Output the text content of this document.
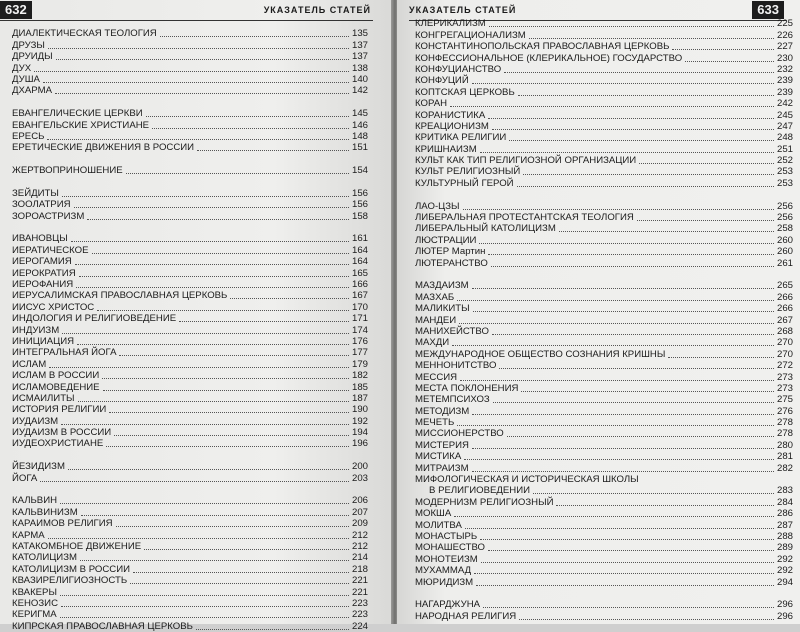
632	УКАЗАТЕЛЬ СТАТЕЙ
ДИАЛЕКТИЧЕСКАЯ ТЕОЛОГИЯ	135
ДРУЗЫ	137
ДРУИДЫ	137
ДУХ	138
ДУША	140
ДХАРМА	142
ЕВАНГЕЛИЧЕСКИЕ ЦЕРКВИ	145
ЕВАНГЕЛЬСКИЕ ХРИСТИАНЕ	146
ЕРЕСЬ	148
ЕРЕТИЧЕСКИЕ ДВИЖЕНИЯ В РОССИИ	151
ЖЕРТВОПРИНОШЕНИЕ	154
ЗЕЙДИТЫ	156
ЗООЛАТРИЯ	156
ЗОРОАСТРИЗМ	158
ИВАНОВЦЫ	161
ИЕРАТИЧЕСКОЕ	164
ИЕРОГАМИЯ	164
ИЕРОКРАТИЯ	165
ИЕРОФАНИЯ	166
ИЕРУСАЛИМСКАЯ ПРАВОСЛАВНАЯ ЦЕРКОВЬ	167
ИИСУС ХРИСТОС	170
ИНДОЛОГИЯ И РЕЛИГИОВЕДЕНИЕ	171
ИНДУИЗМ	174
ИНИЦИАЦИЯ	176
ИНТЕГРАЛЬНАЯ ЙОГА	177
ИСЛАМ	179
ИСЛАМ В РОССИИ	182
ИСЛАМОВЕДЕНИЕ	185
ИСМАИЛИТЫ	187
ИСТОРИЯ РЕЛИГИИ	190
ИУДАИЗМ	192
ИУДАИЗМ В РОССИИ	194
ИУДЕОХРИСТИАНЕ	196
ЙЕЗИДИЗМ	200
ЙОГА	203
КАЛЬВИН	206
КАЛЬВИНИЗМ	207
КАРАИМОВ РЕЛИГИЯ	209
КАРМА	212
КАТАКОМБНОЕ ДВИЖЕНИЕ	212
КАТОЛИЦИЗМ	214
КАТОЛИЦИЗМ В РОССИИ	218
КВАЗИРЕЛИГИОЗНОСТЬ	221
КВАКЕРЫ	221
КЕНОЗИС	223
КЕРИГМА	223
КИПРСКАЯ ПРАВОСЛАВНАЯ ЦЕРКОВЬ	224
УКАЗАТЕЛЬ СТАТЕЙ	633
КЛЕРИКАЛИЗМ	225
КОНГРЕГАЦИОНАЛИЗМ	226
КОНСТАНТИНОПОЛЬСКАЯ ПРАВОСЛАВНАЯ ЦЕРКОВЬ	227
КОНФЕССИОНАЛЬНОЕ (КЛЕРИКАЛЬНОЕ) ГОСУДАРСТВО	230
КОНФУЦИАНСТВО	232
КОНФУЦИЙ	239
КОПТСКАЯ ЦЕРКОВЬ	239
КОРАН	242
КОРАНИСТИКА	245
КРЕАЦИОНИЗМ	247
КРИТИКА РЕЛИГИИ	248
КРИШНАИЗМ	251
КУЛЬТ КАК ТИП РЕЛИГИОЗНОЙ ОРГАНИЗАЦИИ	252
КУЛЬТ РЕЛИГИОЗНЫЙ	253
КУЛЬТУРНЫЙ ГЕРОЙ	253
ЛАО-ЦЗЫ	256
ЛИБЕРАЛЬНАЯ ПРОТЕСТАНТСКАЯ ТЕОЛОГИЯ	256
ЛИБЕРАЛЬНЫЙ КАТОЛИЦИЗМ	258
ЛЮСТРАЦИИ	260
ЛЮТЕР Мартин	260
ЛЮТЕРАНСТВО	261
МАЗДАИЗМ	265
МАЗХАБ	266
МАЛИКИТЫ	266
МАНДЕИ	267
МАНИХЕЙСТВО	268
МАХДИ	270
МЕЖДУНАРОДНОЕ ОБЩЕСТВО СОЗНАНИЯ КРИШНЫ	270
МЕННОНИТСТВО	272
МЕССИЯ	273
МЕСТА ПОКЛОНЕНИЯ	273
МЕТЕМПСИХОЗ	275
МЕТОДИЗМ	276
МЕЧЕТЬ	278
МИССИОНЕРСТВО	278
МИСТЕРИЯ	280
МИСТИКА	281
МИТРАИЗМ	282
МИФОЛОГИЧЕСКАЯ И ИСТОРИЧЕСКАЯ ШКОЛЫ
В РЕЛИГИОВЕДЕНИИ	283
МОДЕРНИЗМ РЕЛИГИОЗНЫЙ	284
МОКША	286
МОЛИТВА	287
МОНАСТЫРЬ	288
МОНАШЕСТВО	289
МОНОТЕИЗМ	292
МУХАММАД	292
МЮРИДИЗМ	294
НАГАРДЖУНА	296
НАРОДНАЯ РЕЛИГИЯ	296
